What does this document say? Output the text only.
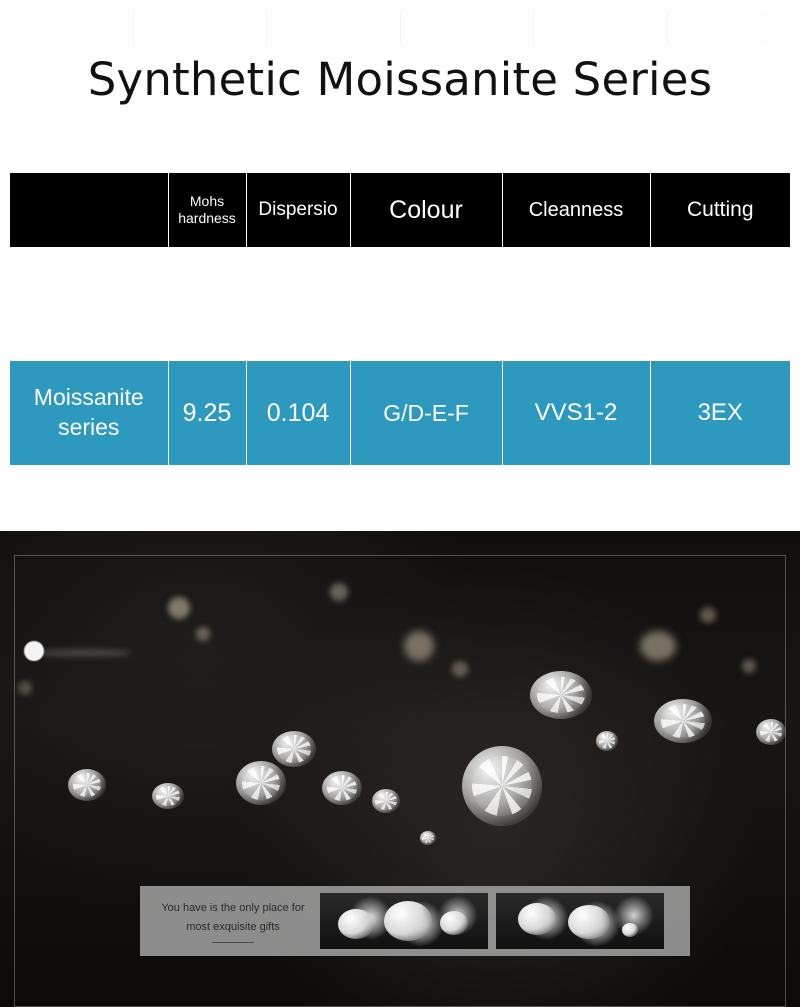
Synthetic Moissanite Series
	Mohs
hardness	Dispersio	Colour	Cleanness	Cutting

Moissanite
series	9.25	0.104	G/D-E-F	VVS1-2	3EX
You have is the only place for
most exquisite gifts
